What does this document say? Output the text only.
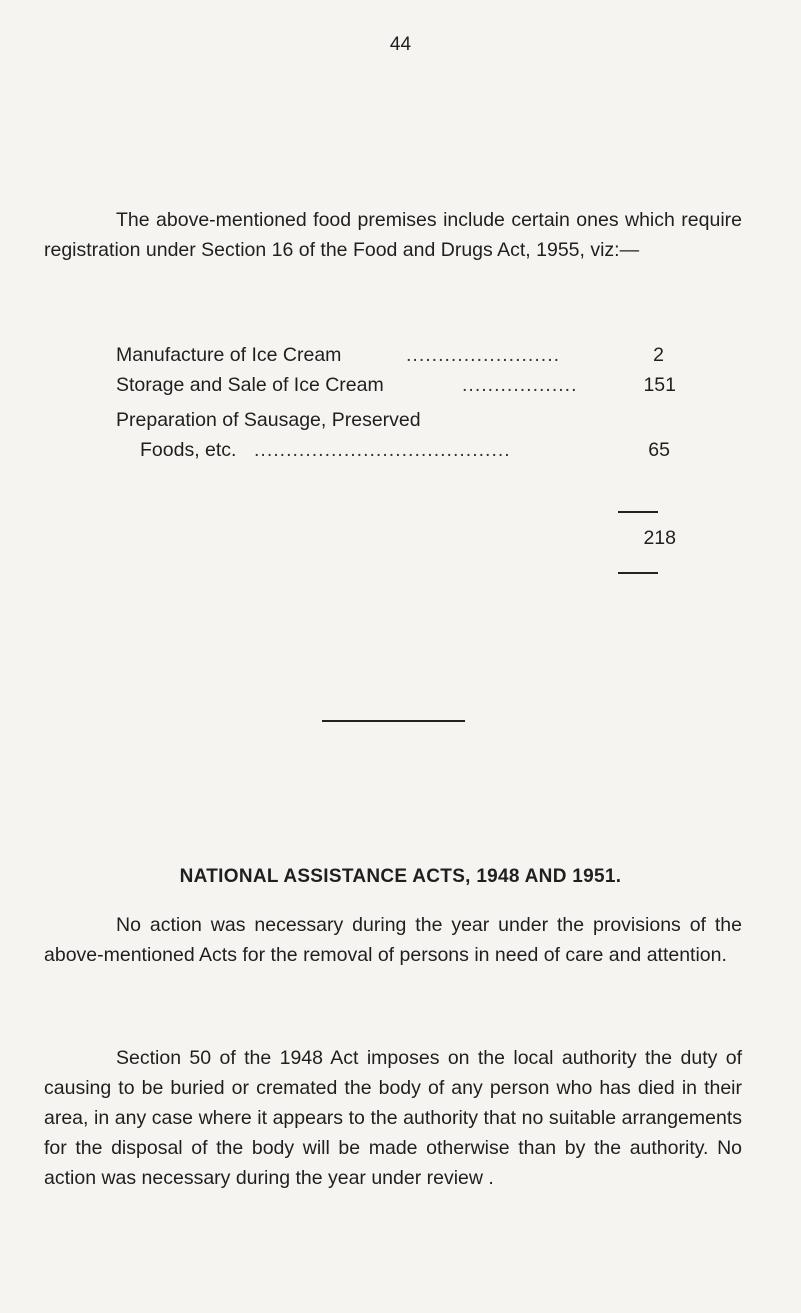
44

The above-mentioned food premises include certain ones which require registration under Section 16 of the Food and Drugs Act, 1955, viz:—

Manufacture of Ice Cream	........................	2
Storage and Sale of Ice Cream	..................	151
Preparation of Sausage, Preserved
Foods, etc. ........................................	65
218
NATIONAL ASSISTANCE ACTS, 1948 AND 1951.

No action was necessary during the year under the provisions of the above-mentioned Acts for the removal of persons in need of care and attention.

Section 50 of the 1948 Act imposes on the local authority the duty of causing to be buried or cremated the body of any person who has died in their area, in any case where it appears to the authority that no suitable arrangements for the disposal of the body will be made otherwise than by the authority. No action was necessary during the year under review .
